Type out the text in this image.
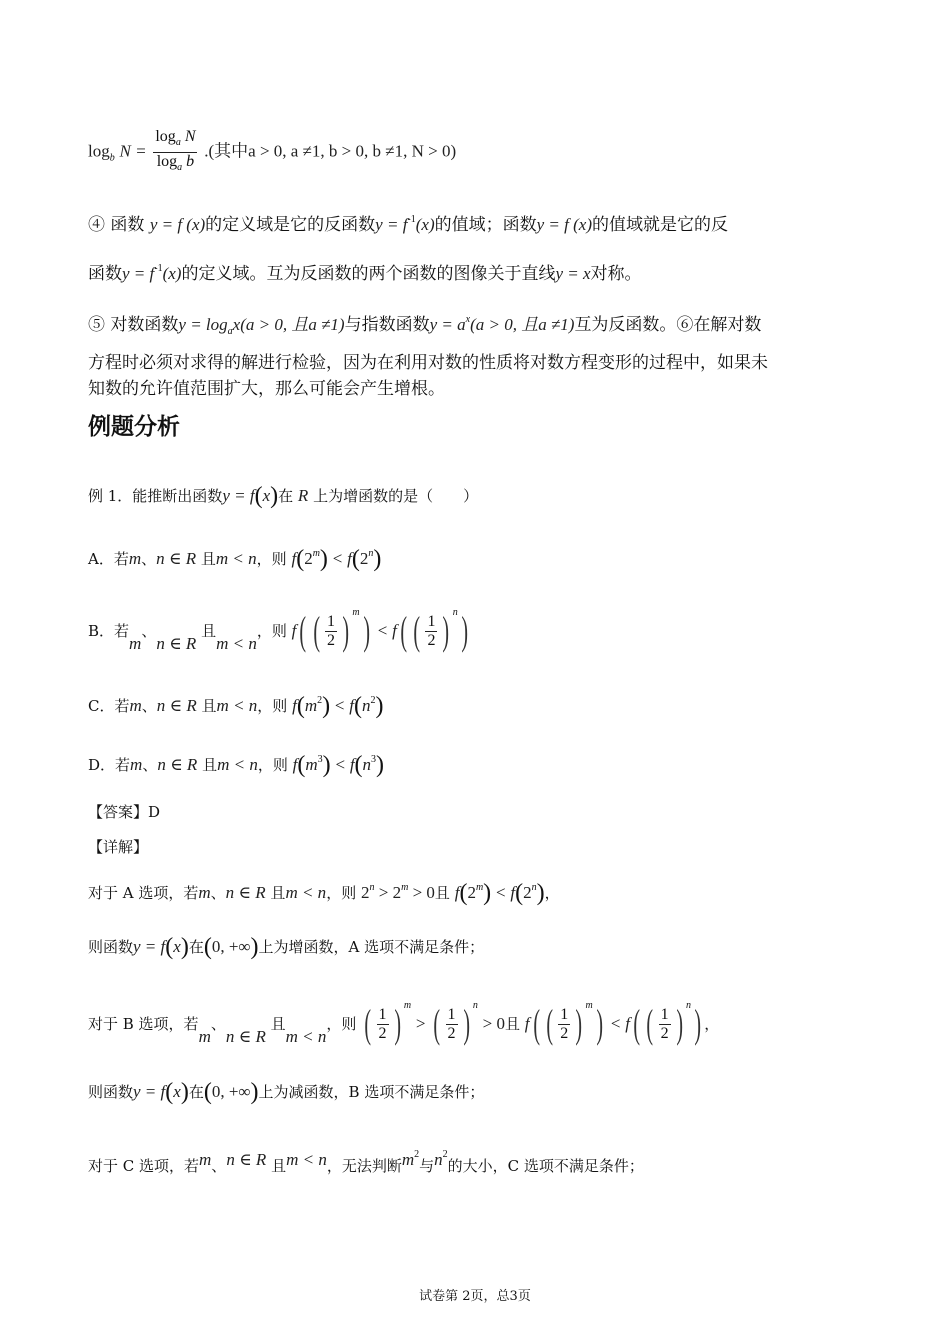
$\log_b N = \frac{\log_a N}{\log_a b}$ .(其中a > 0, a ≠1, b > 0, b ≠1, N > 0)
④ 函数 y = f (x)的定义域是它的反函数$y = f^{-1}(x)$的值域；函数y = f (x)的值域就是它的反
函数$y = f^{-1}(x)$的定义域。互为反函数的两个函数的图像关于直线y = x对称。
⑤ 对数函数$y = \log_ax(a > 0$, 且a ≠1)与指数函数$y = a^x(a > 0$, 且a ≠1)互为反函数。⑥在解对数
方程时必须对求得的解进行检验，因为在利用对数的性质将对数方程变形的过程中，如果未
知数的允许值范围扩大，那么可能会产生增根。
例题分析
例 1．能推断出函数y = f(x)在 R 上为增函数的是（　　）
A．若m、n ∈ R 且m < n，则 $f(2^m) < f(2^n)$
B．若m、n ∈ R 且m < n，则 f( ( $\frac{1}{2}$ ) $^m$) < f( ( $\frac{1}{2}$ ) $^n$)
C．若m、n ∈ R 且m < n，则 $f(m^2) < f(n^2)$
D．若m、n ∈ R 且m < n，则 $f(m^3) < f(n^3)$
【答案】D
【详解】
对于 A 选项，若m、n ∈ R 且m < n，则 $2^n > 2^m > 0$且 $f(2^m) < f(2^n)$，
则函数y = f(x)在(0, +∞)上为增函数，A 选项不满足条件；
对于 B 选项，若m、n ∈ R 且m < n，则 ( $\frac{1}{2}$ ) $^m$ > ( $\frac{1}{2}$ ) $^n$ > 0且 f( ( $\frac{1}{2}$ ) $^m$) < f( ( $\frac{1}{2}$ ) $^n$) ，
则函数y = f(x)在(0, +∞)上为减函数，B 选项不满足条件；
对于 C 选项，若m、n ∈ R 且m < n，无法判断$m^2$与$n^2$的大小，C 选项不满足条件；
试卷第 2页，总3页
